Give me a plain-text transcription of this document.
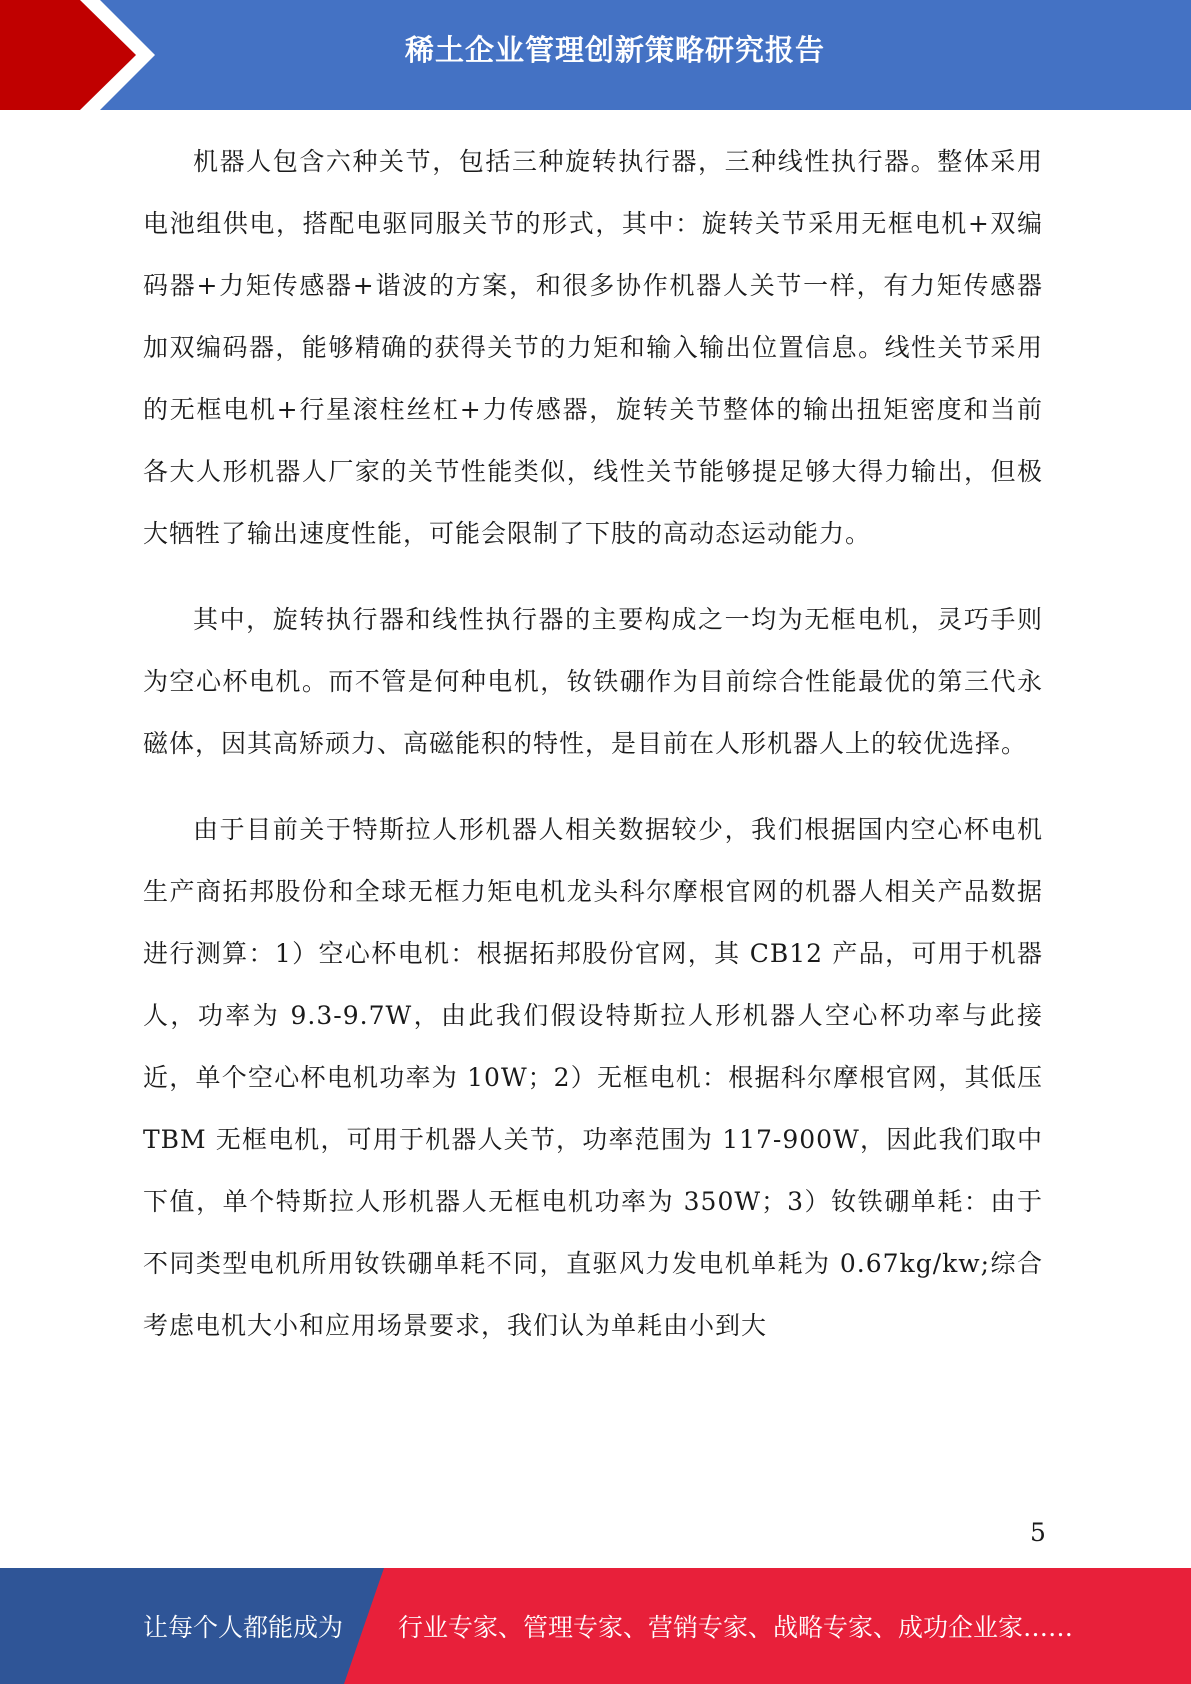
稀土企业管理创新策略研究报告

机器人包含六种关节，包括三种旋转执行器，三种线性执行器。整体采用电池组供电，搭配电驱同服关节的形式，其中：旋转关节采用无框电机+双编码器+力矩传感器+谐波的方案，和很多协作机器人关节一样，有力矩传感器加双编码器，能够精确的获得关节的力矩和输入输出位置信息。线性关节采用的无框电机+行星滚柱丝杠+力传感器，旋转关节整体的输出扭矩密度和当前各大人形机器人厂家的关节性能类似，线性关节能够提足够大得力输出，但极大牺牲了输出速度性能，可能会限制了下肢的高动态运动能力。

其中，旋转执行器和线性执行器的主要构成之一均为无框电机，灵巧手则为空心杯电机。而不管是何种电机，钕铁硼作为目前综合性能最优的第三代永磁体，因其高矫顽力、高磁能积的特性，是目前在人形机器人上的较优选择。

由于目前关于特斯拉人形机器人相关数据较少，我们根据国内空心杯电机生产商拓邦股份和全球无框力矩电机龙头科尔摩根官网的机器人相关产品数据进行测算：1）空心杯电机：根据拓邦股份官网，其 CB12 产品，可用于机器人，功率为 9.3-9.7W，由此我们假设特斯拉人形机器人空心杯功率与此接近，单个空心杯电机功率为 10W；2）无框电机：根据科尔摩根官网，其低压 TBM 无框电机，可用于机器人关节，功率范围为 117-900W，因此我们取中下值，单个特斯拉人形机器人无框电机功率为 350W；3）钕铁硼单耗：由于不同类型电机所用钕铁硼单耗不同，直驱风力发电机单耗为 0.67kg/kw;综合考虑电机大小和应用场景要求，我们认为单耗由小到大

5
让每个人都能成为 行业专家、管理专家、营销专家、战略专家、成功企业家……
